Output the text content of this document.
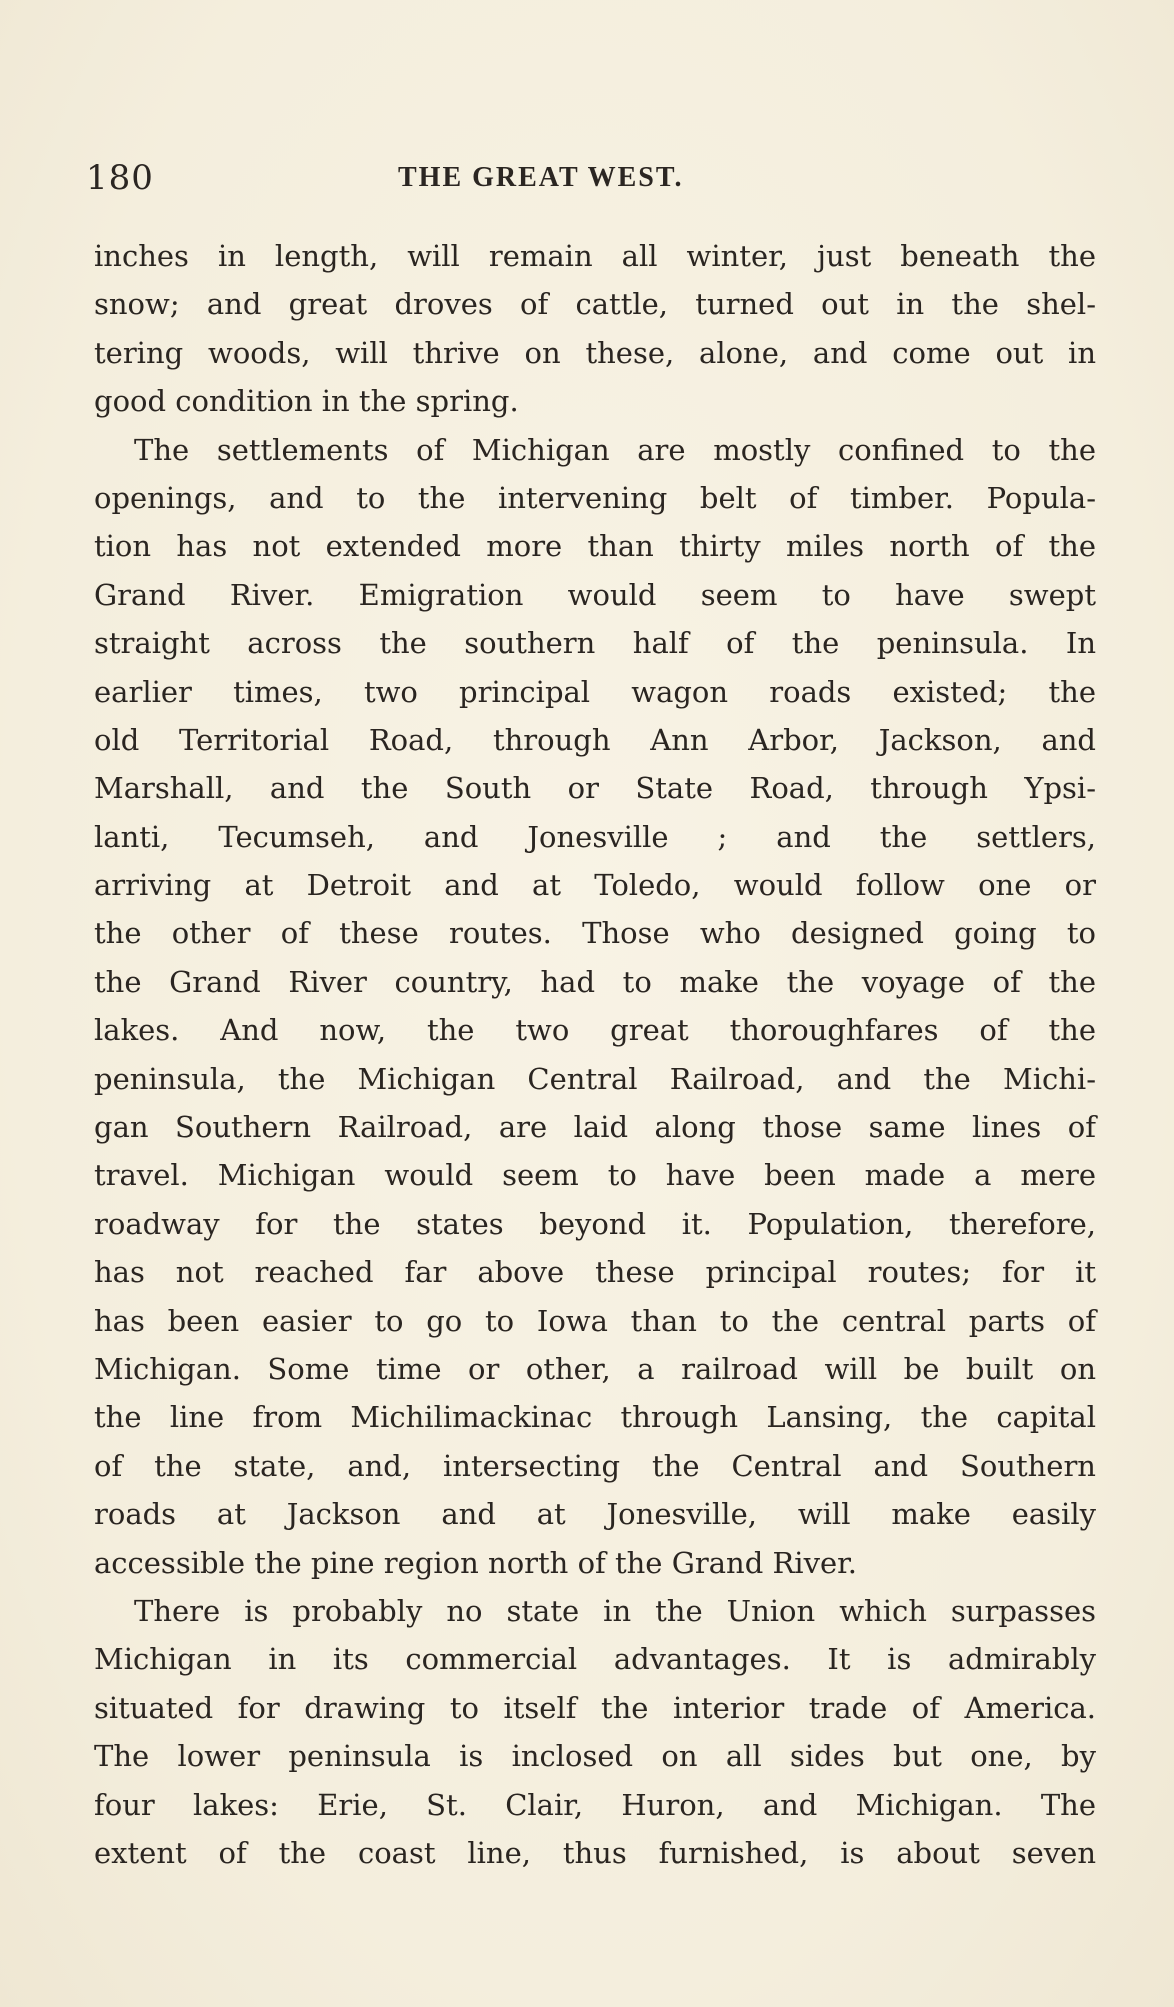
180	THE GREAT WEST.
inches in length, will remain all winter, just beneath the
snow; and great droves of cattle, turned out in the shel-
tering woods, will thrive on these, alone, and come out in
good condition in the spring.
The settlements of Michigan are mostly confined to the
openings, and to the intervening belt of timber. Popula-
tion has not extended more than thirty miles north of the
Grand River. Emigration would seem to have swept
straight across the southern half of the peninsula. In
earlier times, two principal wagon roads existed; the
old Territorial Road, through Ann Arbor, Jackson, and
Marshall, and the South or State Road, through Ypsi-
lanti, Tecumseh, and Jonesville ; and the settlers,
arriving at Detroit and at Toledo, would follow one or
the other of these routes. Those who designed going to
the Grand River country, had to make the voyage of the
lakes. And now, the two great thoroughfares of the
peninsula, the Michigan Central Railroad, and the Michi-
gan Southern Railroad, are laid along those same lines of
travel. Michigan would seem to have been made a mere
roadway for the states beyond it. Population, therefore,
has not reached far above these principal routes; for it
has been easier to go to Iowa than to the central parts of
Michigan. Some time or other, a railroad will be built on
the line from Michilimackinac through Lansing, the capital
of the state, and, intersecting the Central and Southern
roads at Jackson and at Jonesville, will make easily
accessible the pine region north of the Grand River.
There is probably no state in the Union which surpasses
Michigan in its commercial advantages. It is admirably
situated for drawing to itself the interior trade of America.
The lower peninsula is inclosed on all sides but one, by
four lakes: Erie, St. Clair, Huron, and Michigan. The
extent of the coast line, thus furnished, is about seven
